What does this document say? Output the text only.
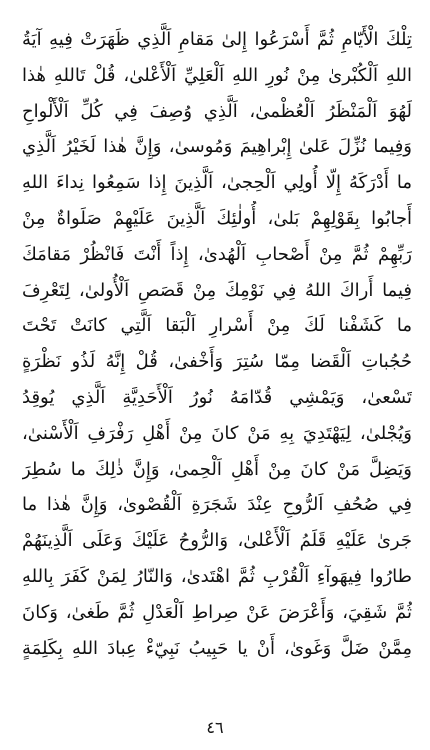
تِلْكَ الْأَيّامِ ثُمَّ أَسْرَعُوا إِلىٰ مَقامِ اَلَّذِي ظَهَرَتْ فِيهِ آيَةُ
اللهِ اَلْكُبْرىٰ مِنْ نُورِ اللهِ اَلْعَلِيِّ اَلْأَعْلىٰ، قُلْ تَاللهِ هٰذا
لَهُوَ اَلْمَنْظَرُ اَلْعُظْمىٰ، اَلَّذِي وُصِفَ فِي كُلِّ اَلْأَلْواحِ
وَفِيما نُزِّلَ عَلىٰ إِبْراهِيمَ وَمُوسىٰ، وَإِنَّ هٰذا لَخَيْرُ اَلَّذِي
ما أَدْرَكَهُ إِلّا أُولِي اَلْحِجىٰ، اَلَّذِينَ إِذا سَمِعُوا نِداءَ اللهِ
أَجابُوا بِقَوْلِهِمْ بَلىٰ، أُولٰئِكَ اَلَّذِينَ عَلَيْهِمْ صَلَواةٌ مِنْ
رَبِّهِمْ ثُمَّ مِنْ أَصْحابِ اَلْهُدىٰ، إِذاً أَنْتَ فَانْظُرْ مَقامَكَ
فِيما أَراكَ اللهُ فِي نَوْمِكَ مِنْ قَصَصِ اَلْأُولىٰ، لِتَعْرِفَ
ما كَشَفْنا لَكَ مِنْ أَسْرارِ اَلْبَقا اَلَّتِي كانَتْ تَحْتَ
حُجُباتِ اَلْقَضا مِمّا سُتِرَ وَأَخْفىٰ، قُلْ إِنَّهُ لَذُو نَظْرَةٍ
تَسْعىٰ، وَيَمْشِي قُدّامَهُ نُورُ اَلْأَحَدِيَّةِ اَلَّذِي يُوقِدُ
وَيُجْلىٰ، لِيَهْتَدِيَ بِهِ مَنْ كانَ مِنْ أَهْلِ رَفْرَفِ اَلْأَسْنىٰ،
وَيَضِلَّ مَنْ كانَ مِنْ أَهْلِ اَلْحِمىٰ، وَإِنَّ ذٰلِكَ ما سُطِرَ
فِي صُحُفِ اَلرُّوحِ عِنْدَ شَجَرَةِ اَلْقُصْوىٰ، وَإِنَّ هٰذا ما
جَرىٰ عَلَيْهِ قَلَمُ اَلْأَعْلىٰ، وَالرُّوحُ عَلَيْكَ وَعَلَى اَلَّذِينَهُمْ
طارُوا فِيهَوآءِ اَلْقُرْبِ ثُمَّ اهْتَدىٰ، وَالنّارُ لِمَنْ كَفَرَ بِاللهِ
ثُمَّ شَقِيَ، وَأَعْرَضَ عَنْ صِراطِ اَلْعَدْلِ ثُمَّ طَغىٰ، وَكانَ
مِمَّنْ ضَلَّ وَغَوىٰ، أَنْ يا حَبِيبُ نَبِيّءْ عِبادَ اللهِ بِكَلِمَةٍ
٤٦
